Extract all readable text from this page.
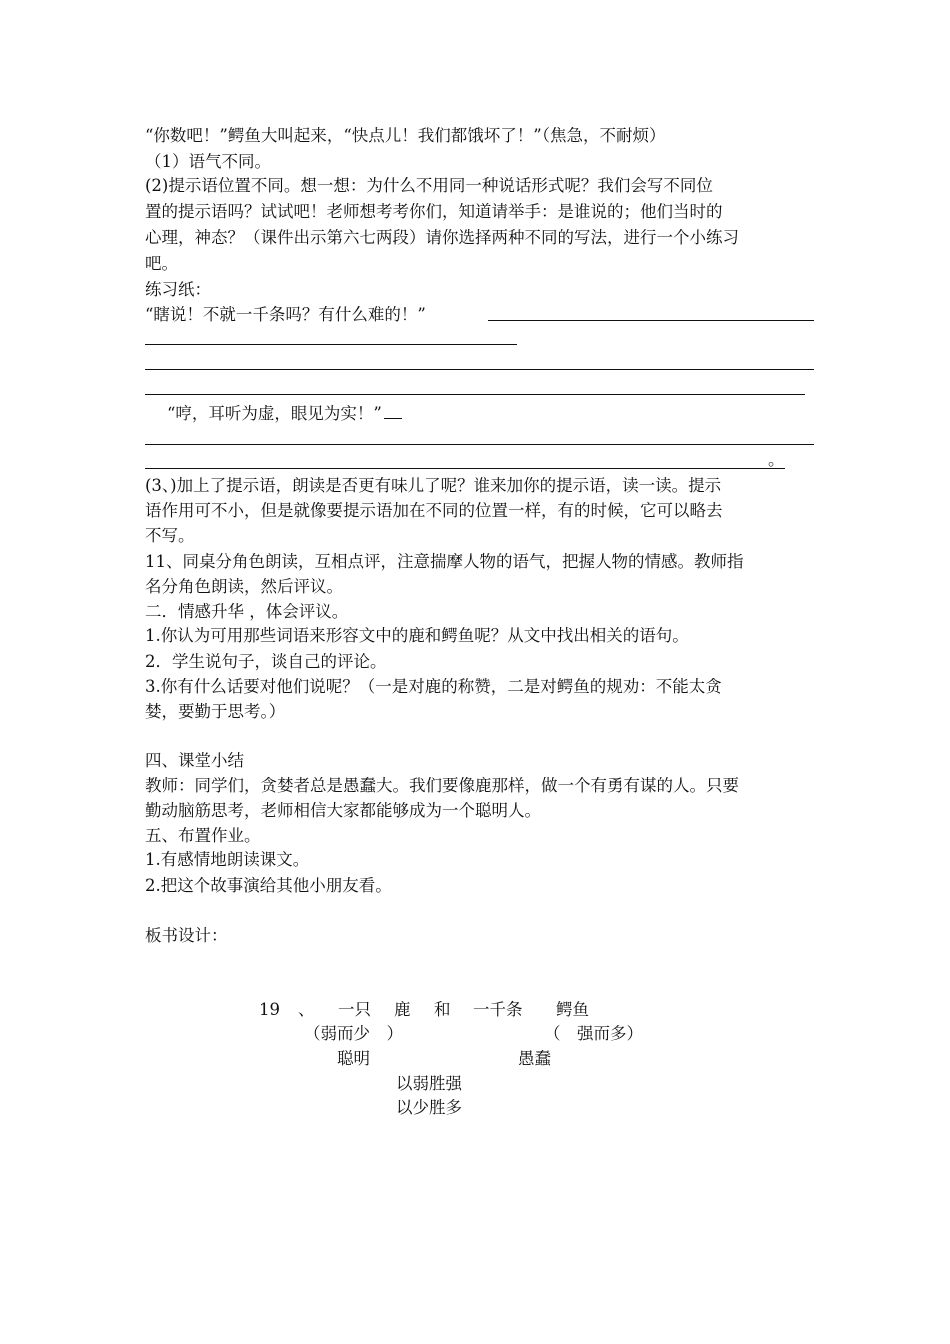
“你数吧！”鳄鱼大叫起来，“快点儿！我们都饿坏了！”（焦急，不耐烦）
（1）语气不同。
(2)提示语位置不同。想一想：为什么不用同一种说话形式呢？我们会写不同位
置的提示语吗？试试吧！老师想考考你们，知道请举手：是谁说的；他们当时的
心理，神态？（课件出示第六七两段）请你选择两种不同的写法，进行一个小练习
吧。
练习纸：
“瞎说！不就一千条吗？有什么难的！”
“哼，耳听为虚，眼见为实！”
。
(3、)加上了提示语，朗读是否更有味儿了呢？谁来加你的提示语，读一读。提示
语作用可不小，但是就像要提示语加在不同的位置一样，有的时候，它可以略去
不写。
11、同桌分角色朗读，互相点评，注意揣摩人物的语气，把握人物的情感。教师指
名分角色朗读，然后评议。
二．情感升华 ，体会评议。
1.你认为可用那些词语来形容文中的鹿和鳄鱼呢？从文中找出相关的语句。
2．学生说句子，谈自己的评论。
3.你有什么话要对他们说呢？（一是对鹿的称赞，二是对鳄鱼的规劝：不能太贪
婪，要勤于思考。）
四、课堂小结
教师：同学们，贪婪者总是愚蠢大。我们要像鹿那样，做一个有勇有谋的人。只要
勤动脑筋思考，老师相信大家都能够成为一个聪明人。
五、布置作业。
1.有感情地朗读课文。
2.把这个故事演给其他小朋友看。
板书设计：
19 、 一只 鹿 和 一千条 鳄鱼
（弱而少　）	（　强而多）
聪明	愚蠢
以弱胜强
以少胜多
